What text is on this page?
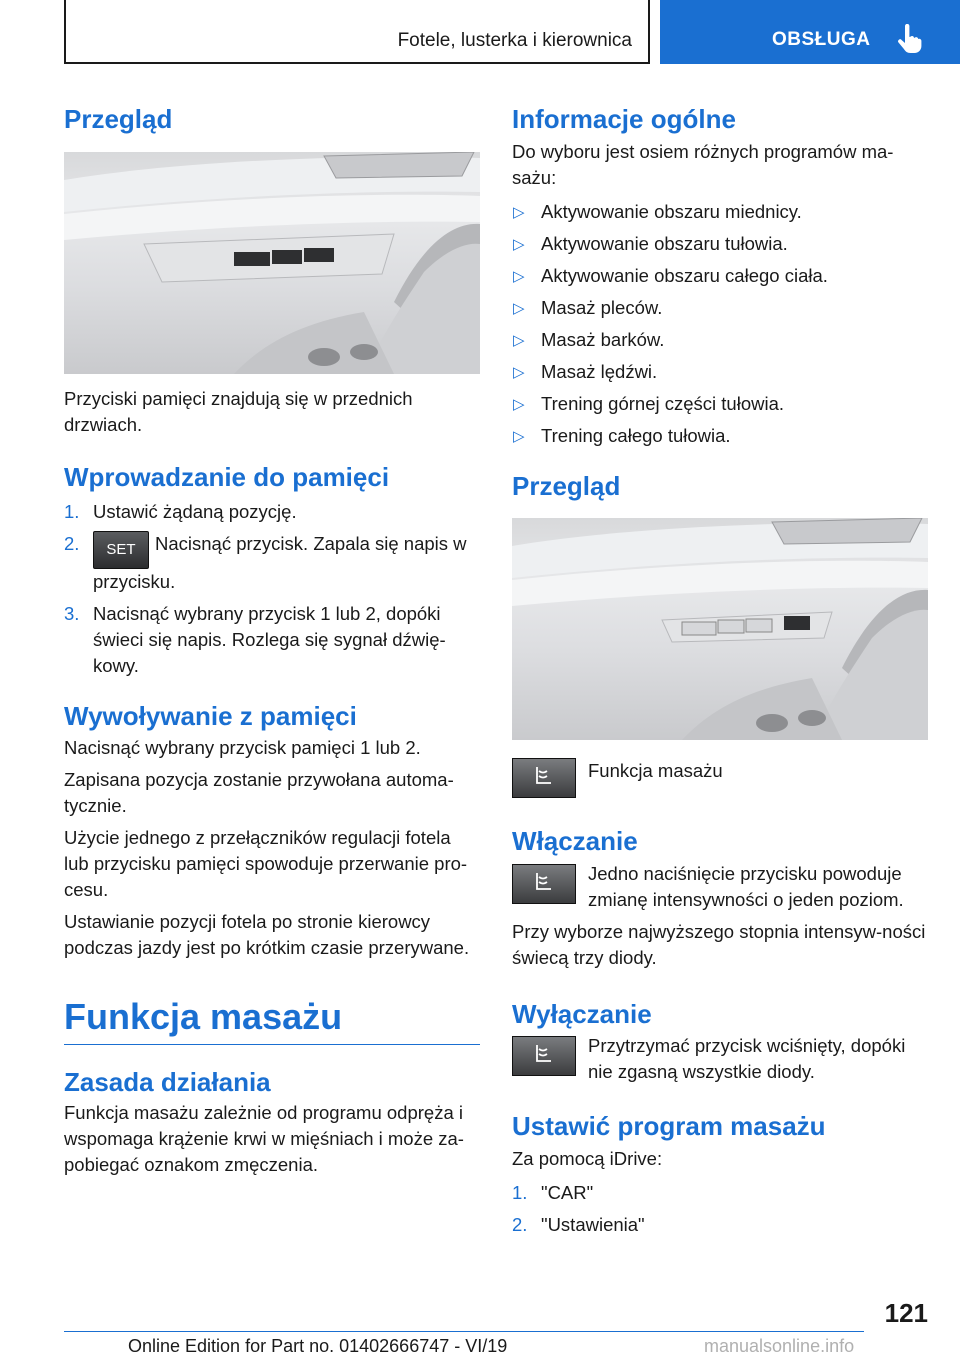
Fotele, lusterka i kierownica	OBSŁUGA
Przegląd

Przyciski pamięci znajdują się w przednich drzwiach.

Wprowadzanie do pamięci
1. Ustawić żądaną pozycję.
2. SET Nacisnąć przycisk. Zapala się napis w przycisku.
3. Nacisnąć wybrany przycisk 1 lub 2, dopóki świeci się napis. Rozlega się sygnał dźwię-kowy.
Wywoływanie z pamięci

Nacisnąć wybrany przycisk pamięci 1 lub 2.

Zapisana pozycja zostanie przywołana automa-tycznie.

Użycie jednego z przełączników regulacji fotela lub przycisku pamięci spowoduje przerwanie pro-cesu.

Ustawianie pozycji fotela po stronie kierowcy podczas jazdy jest po krótkim czasie przerywane.

Funkcja masażu
Zasada działania

Funkcja masażu zależnie od programu odpręża i wspomaga krążenie krwi w mięśniach i może za-pobiegać oznakom zmęczenia.

Informacje ogólne

Do wyboru jest osiem różnych programów ma-sażu:

▷ Aktywowanie obszaru miednicy.
▷ Aktywowanie obszaru tułowia.
▷ Aktywowanie obszaru całego ciała.
▷ Masaż pleców.
▷ Masaż barków.
▷ Masaż lędźwi.
▷ Trening górnej części tułowia.
▷ Trening całego tułowia.
Przegląd

Funkcja masażu

Włączanie

Jedno naciśnięcie przycisku powoduje zmianę intensywności o jeden poziom.

Przy wyborze najwyższego stopnia intensyw-ności świecą trzy diody.

Wyłączanie

Przytrzymać przycisk wciśnięty, dopóki nie zgasną wszystkie diody.

Ustawić program masażu

Za pomocą iDrive:

1. "CAR"
2. "Ustawienia"
121
Online Edition for Part no. 01402666747 - VI/19	manualsonline.info
